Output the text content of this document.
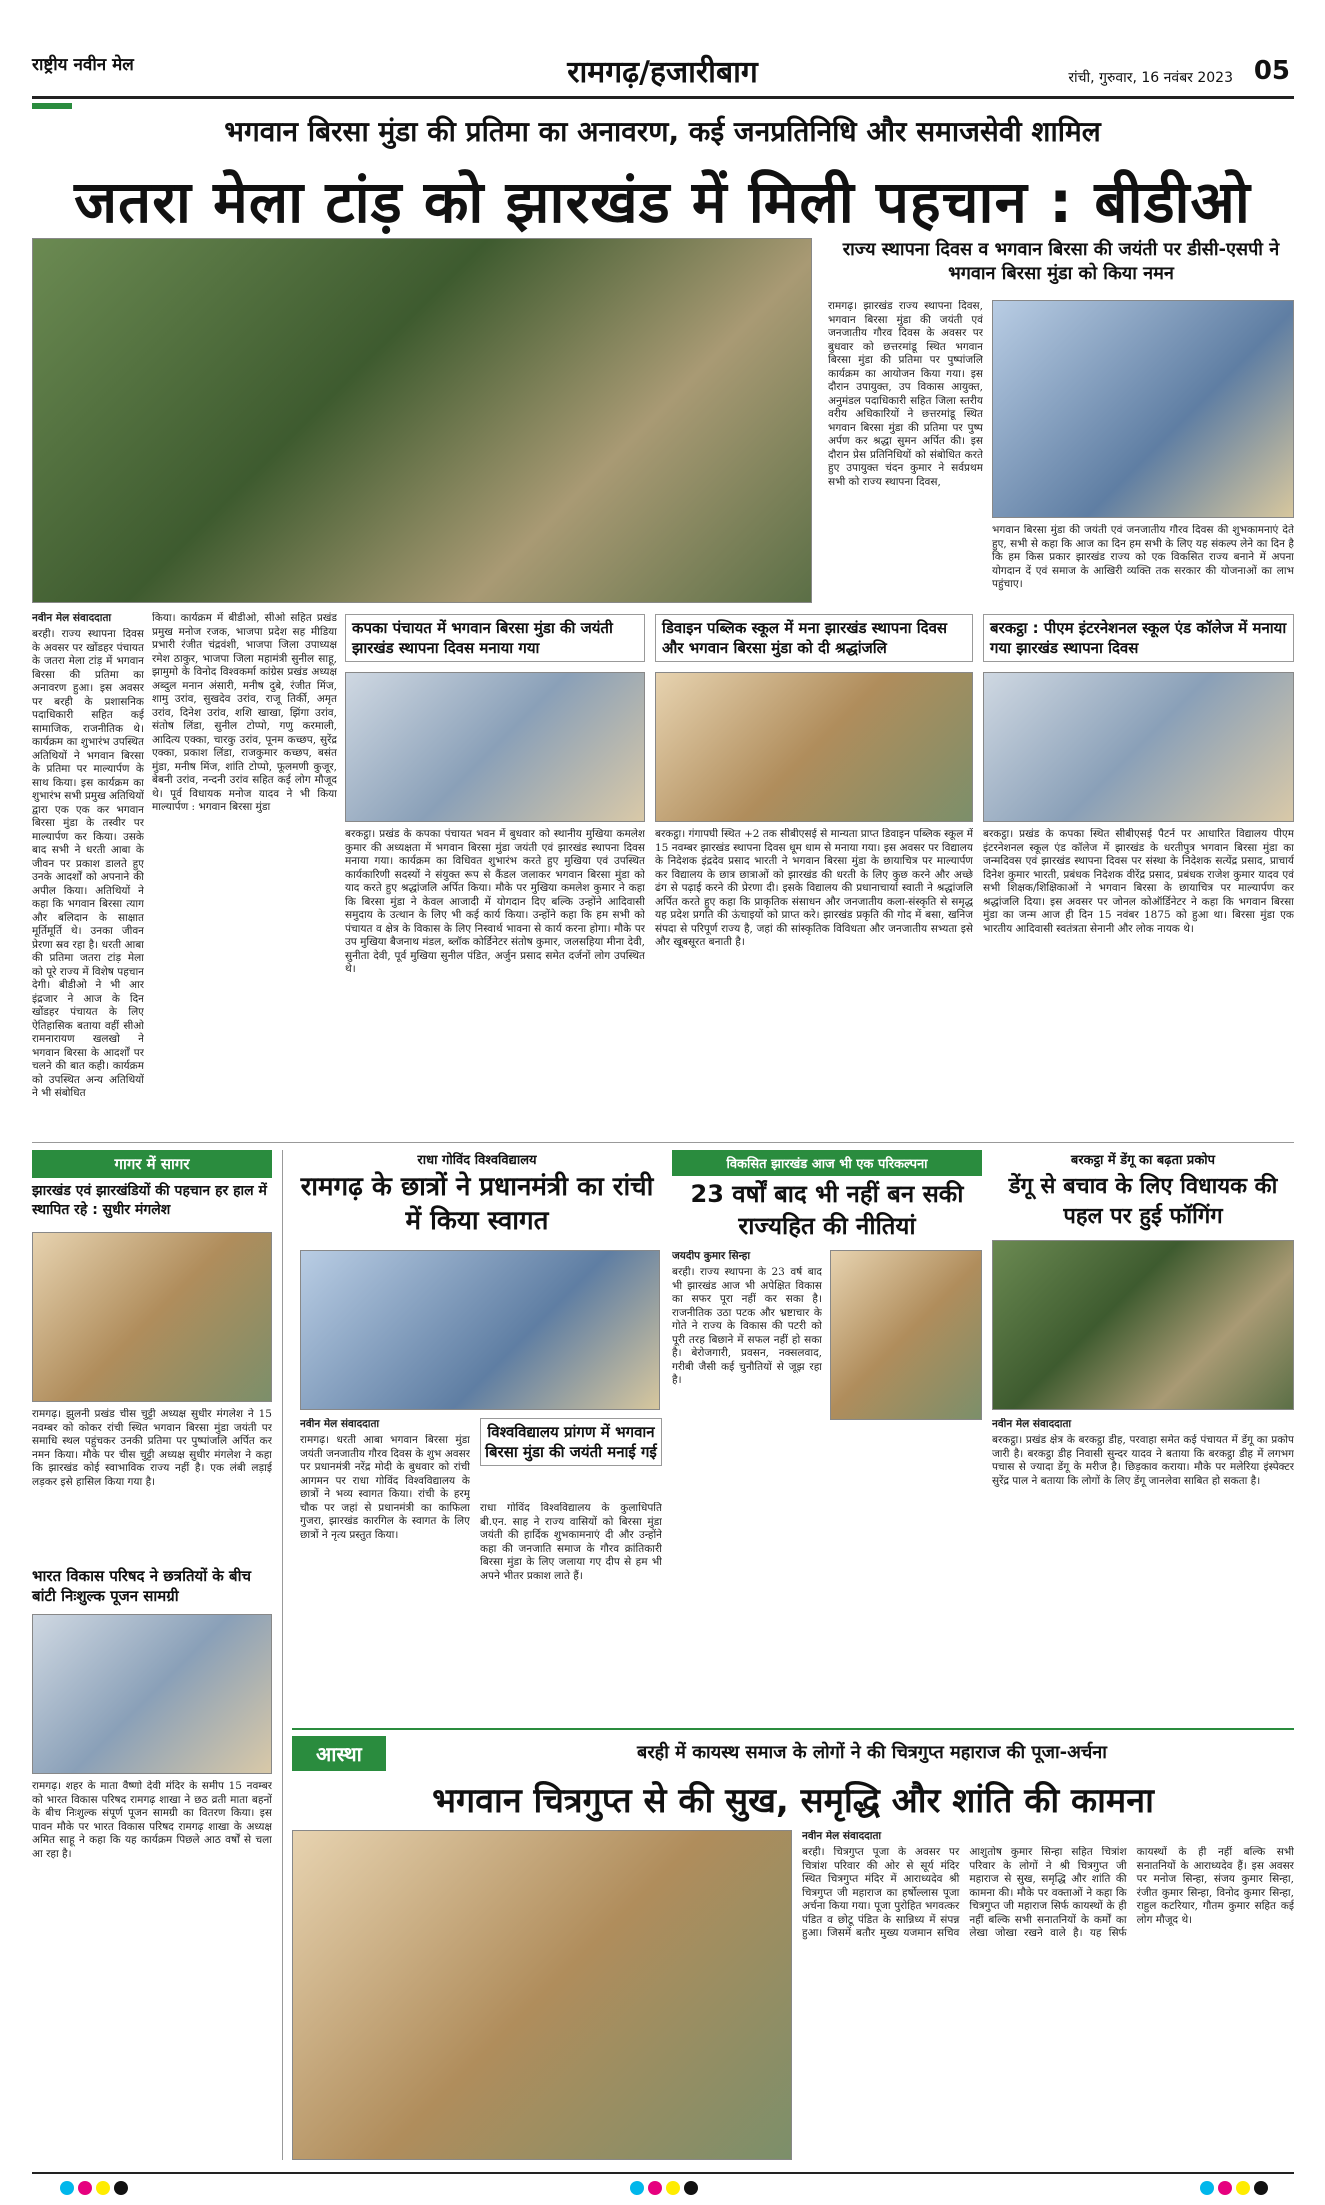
राष्ट्रीय नवीन मेल	रामगढ़/हजारीबाग	रांची, गुरुवार, 16 नवंबर 2023 05
भगवान बिरसा मुंडा की प्रतिमा का अनावरण, कई जनप्रतिनिधि और समाजसेवी शामिल
जतरा मेला टांड़ को झारखंड में मिली पहचान : बीडीओ
राज्य स्थापना दिवस व भगवान बिरसा की जयंती पर डीसी-एसपी ने भगवान बिरसा मुंडा को किया नमन
रामगढ़। झारखंड राज्य स्थापना दिवस, भगवान बिरसा मुंडा की जयंती एवं जनजातीय गौरव दिवस के अवसर पर बुधवार को छत्तरमांडू स्थित भगवान बिरसा मुंडा की प्रतिमा पर पुष्पांजलि कार्यक्रम का आयोजन किया गया। इस दौरान उपायुक्त, उप विकास आयुक्त, अनुमंडल पदाधिकारी सहित जिला स्तरीय वरीय अधिकारियों ने छत्तरमांडू स्थित भगवान बिरसा मुंडा की प्रतिमा पर पुष्प अर्पण कर श्रद्धा सुमन अर्पित की। इस दौरान प्रेस प्रतिनिधियों को संबोधित करते हुए उपायुक्त चंदन कुमार ने सर्वप्रथम सभी को राज्य स्थापना दिवस,
भगवान बिरसा मुंडा की जयंती एवं जनजातीय गौरव दिवस की शुभकामनाएं देते हुए, सभी से कहा कि आज का दिन हम सभी के लिए यह संकल्प लेने का दिन है कि हम किस प्रकार झारखंड राज्य को एक विकसित राज्य बनाने में अपना योगदान दें एवं समाज के आखिरी व्यक्ति तक सरकार की योजनाओं का लाभ पहुंचाए।
नवीन मेल संवाददाता
बरही। राज्य स्थापना दिवस के अवसर पर खोंडहर पंचायत के जतरा मेला टांड़ में भगवान बिरसा की प्रतिमा का अनावरण हुआ। इस अवसर पर बरही के प्रशासनिक पदाधिकारी सहित कई सामाजिक, राजनीतिक थे। कार्यक्रम का शुभारंभ उपस्थित अतिथियों ने भगवान बिरसा के प्रतिमा पर माल्यार्पण के साथ किया। इस कार्यक्रम का शुभारंभ सभी प्रमुख अतिथियों द्वारा एक एक कर भगवान बिरसा मुंडा के तस्वीर पर माल्यार्पण कर किया। उसके बाद सभी ने धरती आबा के जीवन पर प्रकाश डालते हुए उनके आदर्शों को अपनाने की अपील किया। अतिथियों ने कहा कि भगवान बिरसा त्याग और बलिदान के साक्षात मूर्तिमूर्ति थे। उनका जीवन प्रेरणा स्रव रहा है। धरती आबा की प्रतिमा जतरा टांड़ मेला को पूरे राज्य में विशेष पहचान देगी। बीडीओ ने भी आर इंद्रजार ने आज के दिन खोंडहर पंचायत के लिए ऐतिहासिक बताया वहीं सीओ रामनारायण खलखो ने भगवान बिरसा के आदर्शों पर चलने की बात कही। कार्यक्रम को उपस्थित अन्य अतिथियों ने भी संबोधित
किया। कार्यक्रम में बीडीओ, सीओ सहित प्रखंड प्रमुख मनोज रजक, भाजपा प्रदेश सह मीडिया प्रभारी रंजीत चंद्रवंशी, भाजपा जिला उपाध्यक्ष रमेश ठाकुर, भाजपा जिला महामंत्री सुनील साहू, झामुमो के विनोद विश्वकर्मा कांग्रेस प्रखंड अध्यक्ष अब्दुल मनान अंसारी, मनीष दुबे, रंजीत मिंज, शामु उरांव, सुखदेव उरांव, राजू तिर्की, अमृत उरांव, दिनेश उरांव, शशि खाखा, झिंगा उरांव, संतोष लिंडा, सुनील टोप्पो, गणु करमाली, आदित्य एक्का, चारकु उरांव, पूनम कच्छप, सुरेंद्र एक्का, प्रकाश लिंडा, राजकुमार कच्छप, बसंत मुंडा, मनीष मिंज, शांति टोप्पो, फूलमणी कुजूर, बेबनी उरांव, नन्दनी उरांव सहित कई लोग मौजूद थे। पूर्व विधायक मनोज यादव ने भी किया माल्यार्पण : भगवान बिरसा मुंडा
कपका पंचायत में भगवान बिरसा मुंडा की जयंती झारखंड स्थापना दिवस मनाया गया
बरकट्ठा। प्रखंड के कपका पंचायत भवन में बुधवार को स्थानीय मुखिया कमलेश कुमार की अध्यक्षता में भगवान बिरसा मुंडा जयंती एवं झारखंड स्थापना दिवस मनाया गया। कार्यक्रम का विधिवत शुभारंभ करते हुए मुखिया एवं उपस्थित कार्यकारिणी सदस्यों ने संयुक्त रूप से कैंडल जलाकर भगवान बिरसा मुंडा को याद करते हुए श्रद्धांजलि अर्पित किया। मौके पर मुखिया कमलेश कुमार ने कहा कि बिरसा मुंडा ने केवल आजादी में योगदान दिए बल्कि उन्होंने आदिवासी समुदाय के उत्थान के लिए भी कई कार्य किया। उन्होंने कहा कि हम सभी को पंचायत व क्षेत्र के विकास के लिए निस्वार्थ भावना से कार्य करना होगा। मौके पर उप मुखिया बैजनाथ मंडल, ब्लॉक कोर्डिनेटर संतोष कुमार, जलसहिया मीना देवी, सुनीता देवी, पूर्व मुखिया सुनील पंडित, अर्जुन प्रसाद समेत दर्जनों लोग उपस्थित थे।
डिवाइन पब्लिक स्कूल में मना झारखंड स्थापना दिवस और भगवान बिरसा मुंडा को दी श्रद्धांजलि
बरकट्ठा। गंगापघी स्थित +2 तक सीबीएसई से मान्यता प्राप्त डिवाइन पब्लिक स्कूल में 15 नवम्बर झारखंड स्थापना दिवस धूम धाम से मनाया गया। इस अवसर पर विद्यालय के निदेशक इंद्रदेव प्रसाद भारती ने भगवान बिरसा मुंडा के छायाचित्र पर माल्यार्पण कर विद्यालय के छात्र छात्राओं को झारखंड की धरती के लिए कुछ करने और अच्छे ढंग से पढ़ाई करने की प्रेरणा दी। इसके विद्यालय की प्रधानाचार्या स्वाती ने श्रद्धांजलि अर्पित करते हुए कहा कि प्राकृतिक संसाधन और जनजातीय कला-संस्कृति से समृद्ध यह प्रदेश प्रगति की ऊंचाइयों को प्राप्त करे। झारखंड प्रकृति की गोद में बसा, खनिज संपदा से परिपूर्ण राज्य है, जहां की सांस्कृतिक विविधता और जनजातीय सभ्यता इसे और खूबसूरत बनाती है।
बरकट्ठा : पीएम इंटरनेशनल स्कूल एंड कॉलेज में मनाया गया झारखंड स्थापना दिवस
बरकट्ठा। प्रखंड के कपका स्थित सीबीएसई पैटर्न पर आधारित विद्यालय पीएम इंटरनेशनल स्कूल एंड कॉलेज में झारखंड के धरतीपुत्र भगवान बिरसा मुंडा का जन्मदिवस एवं झारखंड स्थापना दिवस पर संस्था के निदेशक सत्येंद्र प्रसाद, प्राचार्य दिनेश कुमार भारती, प्रबंधक निदेशक वीरेंद्र प्रसाद, प्रबंधक राजेश कुमार यादव एवं सभी शिक्षक/शिक्षिकाओं ने भगवान बिरसा के छायाचित्र पर माल्यार्पण कर श्रद्धांजलि दिया। इस अवसर पर जोनल कोऑर्डिनेटर ने कहा कि भगवान बिरसा मुंडा का जन्म आज ही दिन 15 नवंबर 1875 को हुआ था। बिरसा मुंडा एक भारतीय आदिवासी स्वतंत्रता सेनानी और लोक नायक थे।
गागर में सागर
झारखंड एवं झारखंडियों की पहचान हर हाल में स्थापित रहे : सुधीर मंगलेश
रामगढ़। झुलनी प्रखंड चीस चुट्टी अध्यक्ष सुधीर मंगलेश ने 15 नवम्बर को कोकर रांची स्थित भगवान बिरसा मुंडा जयंती पर समाधि स्थल पहुंचकर उनकी प्रतिमा पर पुष्पांजलि अर्पित कर नमन किया। मौके पर चीस चुट्टी अध्यक्ष सुधीर मंगलेश ने कहा कि झारखंड कोई स्वाभाविक राज्य नहीं है। एक लंबी लड़ाई लड़कर इसे हासिल किया गया है।
भारत विकास परिषद ने छत्रतियों के बीच बांटी निःशुल्क पूजन सामग्री
रामगढ़। शहर के माता वैष्णो देवी मंदिर के समीप 15 नवम्बर को भारत विकास परिषद रामगढ़ शाखा ने छठ व्रती माता बहनों के बीच निःशुल्क संपूर्ण पूजन सामग्री का वितरण किया। इस पावन मौके पर भारत विकास परिषद रामगढ़ शाखा के अध्यक्ष अमित साहू ने कहा कि यह कार्यक्रम पिछले आठ वर्षों से चला आ रहा है।
राधा गोविंद विश्वविद्यालय
रामगढ़ के छात्रों ने प्रधानमंत्री का रांची में किया स्वागत
नवीन मेल संवाददाता
रामगढ़। धरती आबा भगवान बिरसा मुंडा जयंती जनजातीय गौरव दिवस के शुभ अवसर पर प्रधानमंत्री नरेंद्र मोदी के बुधवार को रांची आगमन पर राधा गोविंद विश्वविद्यालय के छात्रों ने भव्य स्वागत किया। रांची के हरमू चौक पर जहां से प्रधानमंत्री का काफिला गुजरा, झारखंड कारगिल के स्वागत के लिए छात्रों ने नृत्य प्रस्तुत किया।
विश्वविद्यालय प्रांगण में भगवान बिरसा मुंडा की जयंती मनाई गई
राधा गोविंद विश्वविद्यालय के कुलाधिपति बी.एन. साह ने राज्य वासियों को बिरसा मुंडा जयंती की हार्दिक शुभकामनाएं दी और उन्होंने कहा की जनजाति समाज के गौरव क्रांतिकारी बिरसा मुंडा के लिए जलाया गए दीप से हम भी अपने भीतर प्रकाश लाते हैं।
विकसित झारखंड आज भी एक परिकल्पना
23 वर्षों बाद भी नहीं बन सकी राज्यहित की नीतियां
जयदीप कुमार सिन्हा
बरही। राज्य स्थापना के 23 वर्ष बाद भी झारखंड आज भी अपेक्षित विकास का सफर पूरा नहीं कर सका है। राजनीतिक उठा पटक और भ्रष्टाचार के गोते ने राज्य के विकास की पटरी को पूरी तरह बिछाने में सफल नहीं हो सका है। बेरोजगारी, प्रवसन, नक्सलवाद, गरीबी जैसी कई चुनौतियों से जूझ रहा है।
बरकट्ठा में डेंगू का बढ़ता प्रकोप
डेंगू से बचाव के लिए विधायक की पहल पर हुई फॉगिंग
नवीन मेल संवाददाता
बरकट्ठा। प्रखंड क्षेत्र के बरकट्ठा डीह, परवाहा समेत कई पंचायत में डेंगू का प्रकोप जारी है। बरकट्ठा डीह निवासी सुन्दर यादव ने बताया कि बरकट्ठा डीह में लगभग पचास से ज्यादा डेंगू के मरीज है। छिड़काव कराया। मौके पर मलेरिया इंस्पेक्टर सुरेंद्र पाल ने बताया कि लोगों के लिए डेंगू जानलेवा साबित हो सकता है।
आस्था	बरही में कायस्थ समाज के लोगों ने की चित्रगुप्त महाराज की पूजा-अर्चना
भगवान चित्रगुप्त से की सुख, समृद्धि और शांति की कामना
नवीन मेल संवाददाता
बरही। चित्रगुप्त पूजा के अवसर पर चित्रांश परिवार की ओर से सूर्य मंदिर स्थित चित्रगुप्त मंदिर में आराध्यदेव श्री चित्रगुप्त जी महाराज का हर्षोल्लास पूजा अर्चना किया गया। पूजा पुरोहित भगवत्कर पंडित व छोटू पंडित के सान्निध्य में संपन्न हुआ। जिसमें बतौर मुख्य यजमान सचिव आशुतोष कुमार सिन्हा सहित चित्रांश परिवार के लोगों ने श्री चित्रगुप्त जी महाराज से सुख, समृद्धि और शांति की कामना की। मौके पर वक्ताओं ने कहा कि चित्रगुप्त जी महाराज सिर्फ कायस्थों के ही नहीं बल्कि सभी सनातनियों के कर्मों का लेखा जोखा रखने वाले है। यह सिर्फ कायस्थों के ही नहीं बल्कि सभी सनातनियों के आराध्यदेव हैं। इस अवसर पर मनोज सिन्हा, संजय कुमार सिन्हा, रंजीत कुमार सिन्हा, विनोद कुमार सिन्हा, राहुल कटरियार, गौतम कुमार सहित कई लोग मौजूद थे।
